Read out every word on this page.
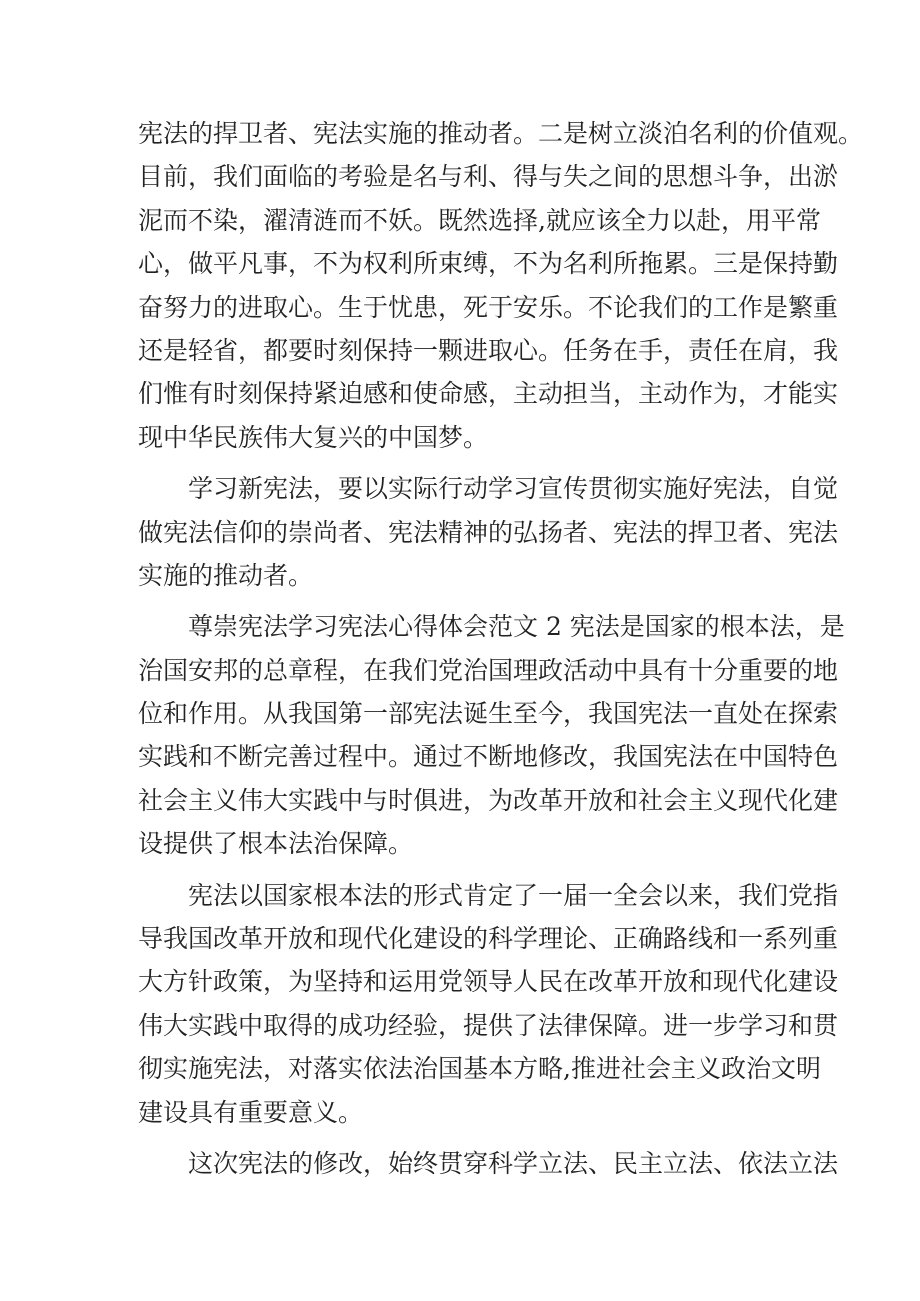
宪法的捍卫者、宪法实施的推动者。二是树立淡泊名利的价值观。
目前，我们面临的考验是名与利、得与失之间的思想斗争，出淤
泥而不染，濯清涟而不妖。既然选择,就应该全力以赴，用平常
心，做平凡事，不为权利所束缚，不为名利所拖累。三是保持勤
奋努力的进取心。生于忧患，死于安乐。不论我们的工作是繁重
还是轻省，都要时刻保持一颗进取心。任务在手，责任在肩，我
们惟有时刻保持紧迫感和使命感，主动担当，主动作为，才能实
现中华民族伟大复兴的中国梦。
学习新宪法，要以实际行动学习宣传贯彻实施好宪法，自觉
做宪法信仰的崇尚者、宪法精神的弘扬者、宪法的捍卫者、宪法
实施的推动者。
尊崇宪法学习宪法心得体会范文 2 宪法是国家的根本法，是
治国安邦的总章程，在我们党治国理政活动中具有十分重要的地
位和作用。从我国第一部宪法诞生至今，我国宪法一直处在探索
实践和不断完善过程中。通过不断地修改，我国宪法在中国特色
社会主义伟大实践中与时俱进，为改革开放和社会主义现代化建
设提供了根本法治保障。
宪法以国家根本法的形式肯定了一届一全会以来，我们党指
导我国改革开放和现代化建设的科学理论、正确路线和一系列重
大方针政策，为坚持和运用党领导人民在改革开放和现代化建设
伟大实践中取得的成功经验，提供了法律保障。进一步学习和贯
彻实施宪法，对落实依法治国基本方略,推进社会主义政治文明
建设具有重要意义。
这次宪法的修改，始终贯穿科学立法、民主立法、依法立法
